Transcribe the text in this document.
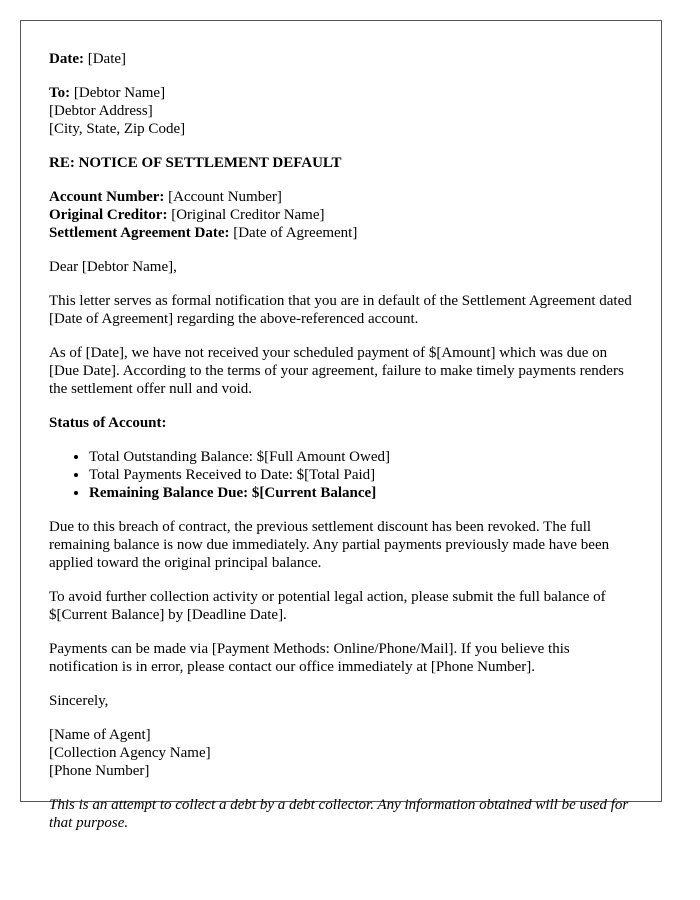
Date: [Date]

To: [Debtor Name]
[Debtor Address]
[City, State, Zip Code]

RE: NOTICE OF SETTLEMENT DEFAULT

Account Number: [Account Number]
Original Creditor: [Original Creditor Name]
Settlement Agreement Date: [Date of Agreement]

Dear [Debtor Name],

This letter serves as formal notification that you are in default of the Settlement Agreement dated [Date of Agreement] regarding the above-referenced account.

As of [Date], we have not received your scheduled payment of $[Amount] which was due on [Due Date]. According to the terms of your agreement, failure to make timely payments renders the settlement offer null and void.

Status of Account:

• Total Outstanding Balance: $[Full Amount Owed]
• Total Payments Received to Date: $[Total Paid]
• Remaining Balance Due: $[Current Balance]

Due to this breach of contract, the previous settlement discount has been revoked. The full remaining balance is now due immediately. Any partial payments previously made have been applied toward the original principal balance.

To avoid further collection activity or potential legal action, please submit the full balance of $[Current Balance] by [Deadline Date].

Payments can be made via [Payment Methods: Online/Phone/Mail]. If you believe this notification is in error, please contact our office immediately at [Phone Number].

Sincerely,

[Name of Agent]
[Collection Agency Name]
[Phone Number]

This is an attempt to collect a debt by a debt collector. Any information obtained will be used for that purpose.
